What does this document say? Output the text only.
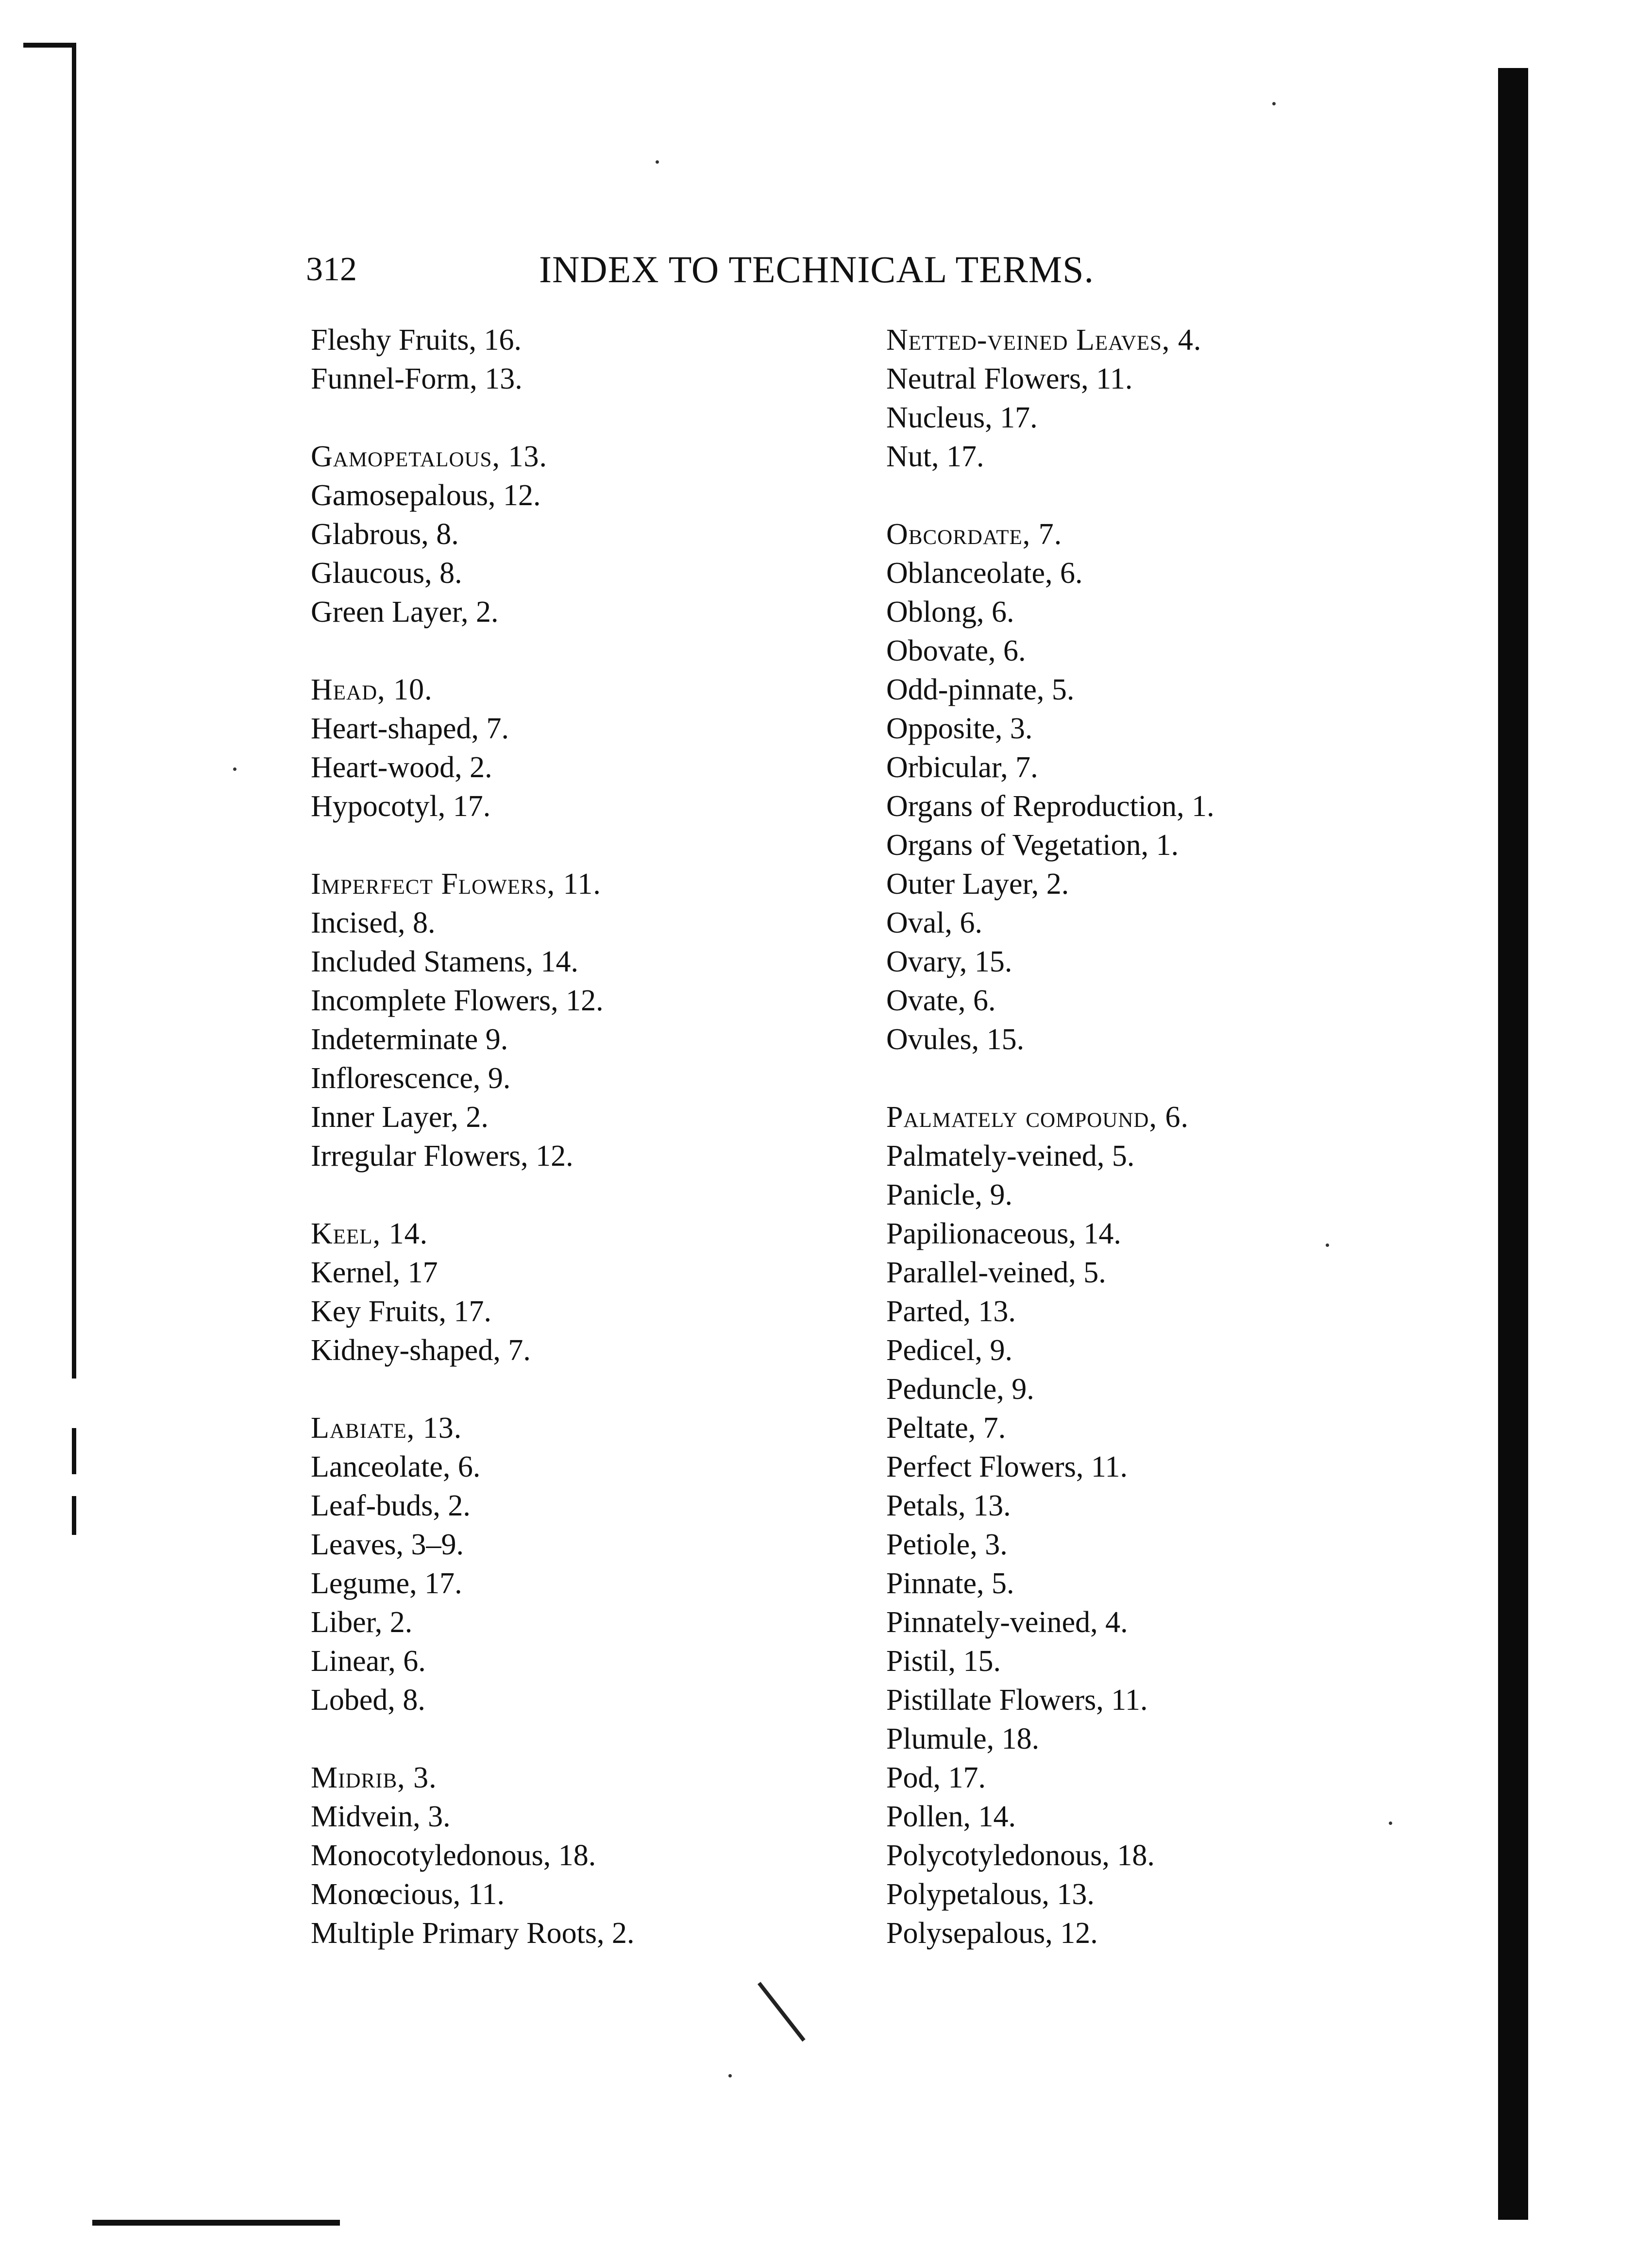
312	INDEX TO TECHNICAL TERMS.
Fleshy Fruits, 16.
Funnel-Form, 13.
Gamopetalous, 13.
Gamosepalous, 12.
Glabrous, 8.
Glaucous, 8.
Green Layer, 2.
Head, 10.
Heart-shaped, 7.
Heart-wood, 2.
Hypocotyl, 17.
Imperfect Flowers, 11.
Incised, 8.
Included Stamens, 14.
Incomplete Flowers, 12.
Indeterminate 9.
Inflorescence, 9.
Inner Layer, 2.
Irregular Flowers, 12.
Keel, 14.
Kernel, 17
Key Fruits, 17.
Kidney-shaped, 7.
Labiate, 13.
Lanceolate, 6.
Leaf-buds, 2.
Leaves, 3–9.
Legume, 17.
Liber, 2.
Linear, 6.
Lobed, 8.
Midrib, 3.
Midvein, 3.
Monocotyledonous, 18.
Monœcious, 11.
Multiple Primary Roots, 2.
Netted-veined Leaves, 4.
Neutral Flowers, 11.
Nucleus, 17.
Nut, 17.
Obcordate, 7.
Oblanceolate, 6.
Oblong, 6.
Obovate, 6.
Odd-pinnate, 5.
Opposite, 3.
Orbicular, 7.
Organs of Reproduction, 1.
Organs of Vegetation, 1.
Outer Layer, 2.
Oval, 6.
Ovary, 15.
Ovate, 6.
Ovules, 15.
Palmately compound, 6.
Palmately-veined, 5.
Panicle, 9.
Papilionaceous, 14.
Parallel-veined, 5.
Parted, 13.
Pedicel, 9.
Peduncle, 9.
Peltate, 7.
Perfect Flowers, 11.
Petals, 13.
Petiole, 3.
Pinnate, 5.
Pinnately-veined, 4.
Pistil, 15.
Pistillate Flowers, 11.
Plumule, 18.
Pod, 17.
Pollen, 14.
Polycotyledonous, 18.
Polypetalous, 13.
Polysepalous, 12.
